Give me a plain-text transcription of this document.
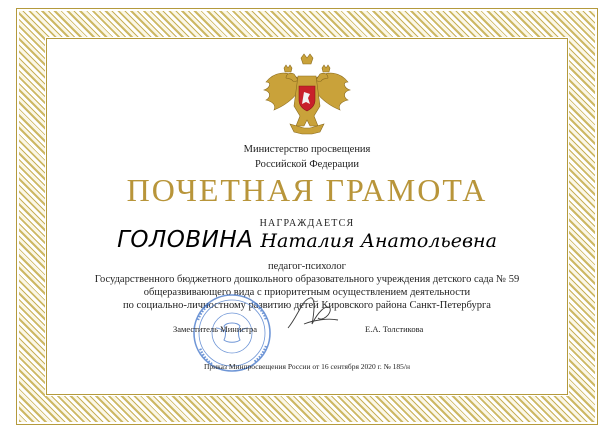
Министерство просвещения
Российской Федерации
ПОЧЕТНАЯ ГРАМОТА
НАГРАЖДАЕТСЯ
ГОЛОВИНА Наталия Анатольевна
педагог-психолог
Государственного бюджетного дошкольного образовательного учреждения детского сада № 59
общеразвивающего вида с приоритетным осуществлением деятельности
по социально-личностному развитию детей Кировского района Санкт-Петербурга
Заместитель Министра	Е.А. Толстикова
Приказ Минпросвещения России от 16 сентября 2020 г. № 185/н
